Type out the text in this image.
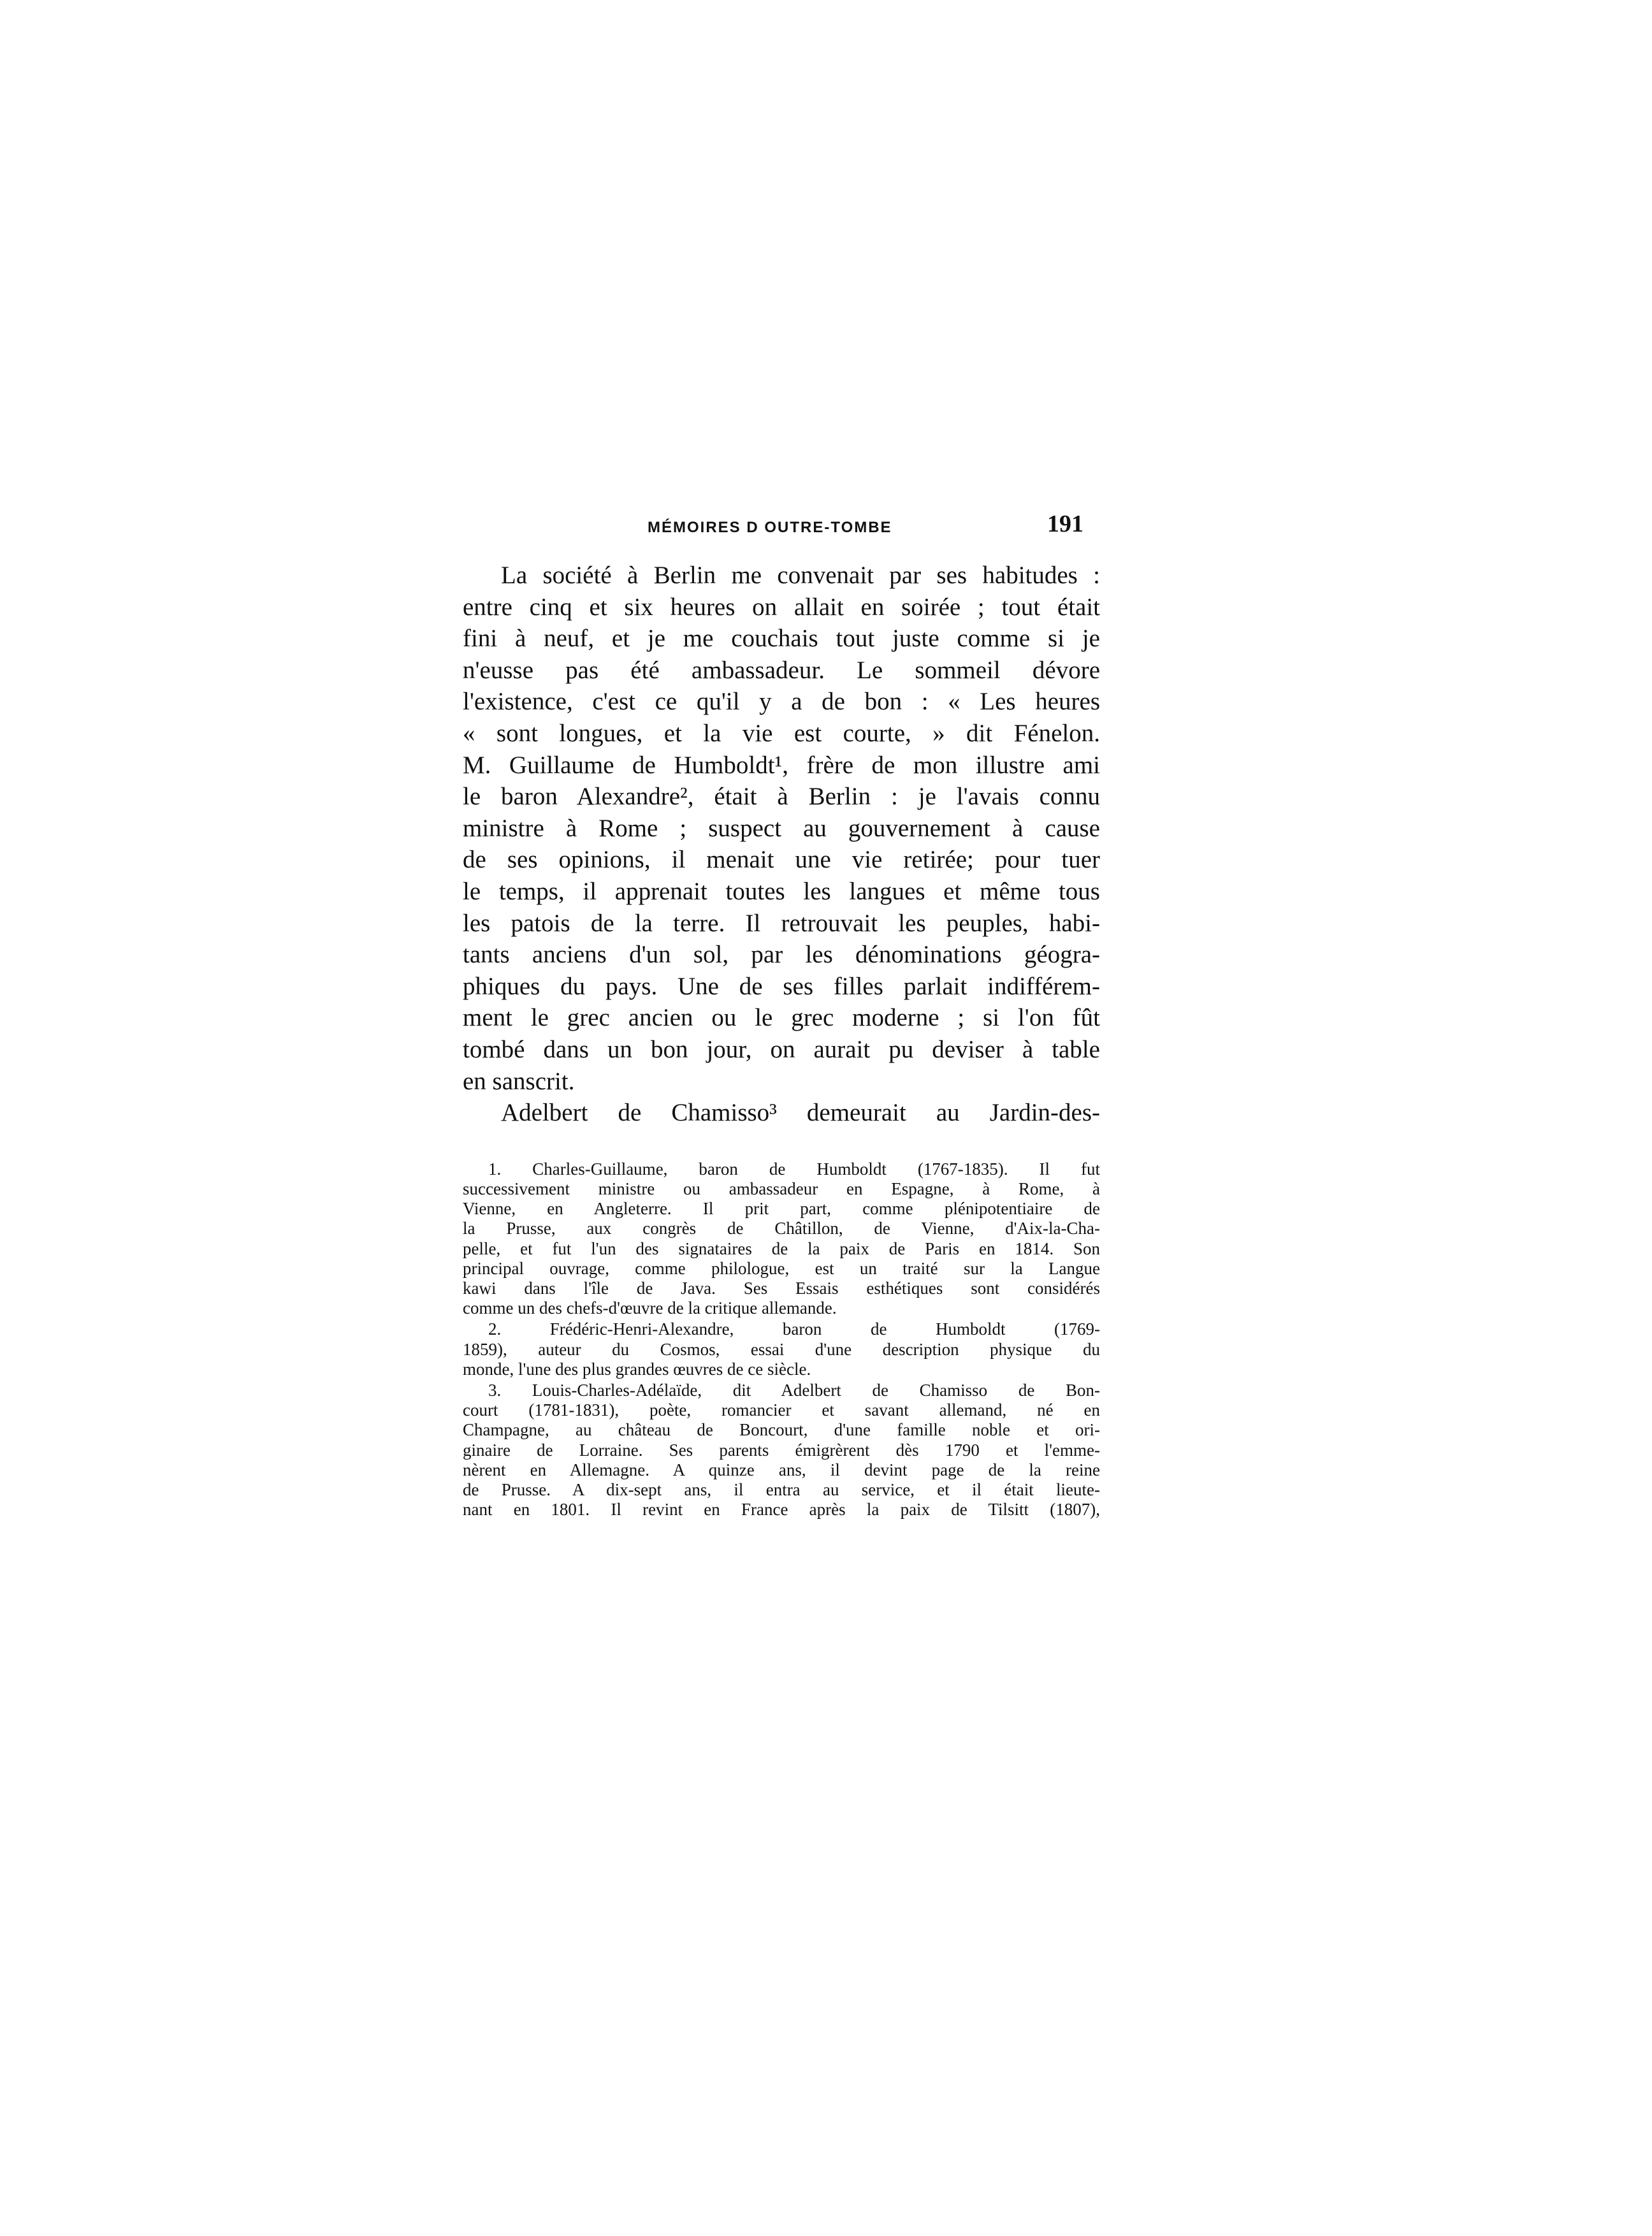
MÉMOIRES D OUTRE-TOMBE	191

La société à Berlin me convenait par ses habitudes :
entre cinq et six heures on allait en soirée ; tout était
fini à neuf, et je me couchais tout juste comme si je
n'eusse pas été ambassadeur. Le sommeil dévore
l'existence, c'est ce qu'il y a de bon : « Les heures
« sont longues, et la vie est courte, » dit Fénelon.
M. Guillaume de Humboldt¹, frère de mon illustre ami
le baron Alexandre², était à Berlin : je l'avais connu
ministre à Rome ; suspect au gouvernement à cause
de ses opinions, il menait une vie retirée; pour tuer
le temps, il apprenait toutes les langues et même tous
les patois de la terre. Il retrouvait les peuples, habi-
tants anciens d'un sol, par les dénominations géogra-
phiques du pays. Une de ses filles parlait indifférem-
ment le grec ancien ou le grec moderne ; si l'on fût
tombé dans un bon jour, on aurait pu deviser à table
en sanscrit.

Adelbert de Chamisso³ demeurait au Jardin-des-

1. Charles-Guillaume, baron de Humboldt (1767-1835). Il fut
successivement ministre ou ambassadeur en Espagne, à Rome, à
Vienne, en Angleterre. Il prit part, comme plénipotentiaire de
la Prusse, aux congrès de Châtillon, de Vienne, d'Aix-la-Cha-
pelle, et fut l'un des signataires de la paix de Paris en 1814. Son
principal ouvrage, comme philologue, est un traité sur la Langue
kawi dans l'île de Java. Ses Essais esthétiques sont considérés
comme un des chefs-d'œuvre de la critique allemande.
2. Frédéric-Henri-Alexandre, baron de Humboldt (1769-
1859), auteur du Cosmos, essai d'une description physique du
monde, l'une des plus grandes œuvres de ce siècle.
3. Louis-Charles-Adélaïde, dit Adelbert de Chamisso de Bon-
court (1781-1831), poète, romancier et savant allemand, né en
Champagne, au château de Boncourt, d'une famille noble et ori-
ginaire de Lorraine. Ses parents émigrèrent dès 1790 et l'emme-
nèrent en Allemagne. A quinze ans, il devint page de la reine
de Prusse. A dix-sept ans, il entra au service, et il était lieute-
nant en 1801. Il revint en France après la paix de Tilsitt (1807),
